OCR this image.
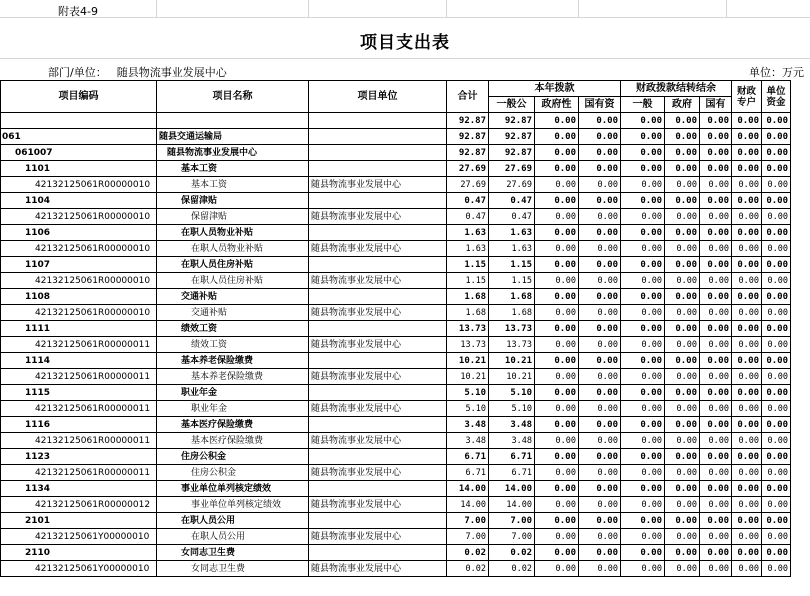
附表4-9
项目支出表
部门/单位： 随县物流事业发展中心	单位：万元
项目编码	项目名称	项目单位	合计	本年拨款			财政拨款结转结余			财政专户	单位资金
				一般公	政府性	国有资	一般	政府	国有		
			92.87	92.87	0.00	0.00	0.00	0.00	0.00	0.00	0.00
061	随县交通运输局		92.87	92.87	0.00	0.00	0.00	0.00	0.00	0.00	0.00
061007	随县物流事业发展中心		92.87	92.87	0.00	0.00	0.00	0.00	0.00	0.00	0.00
1101	基本工资		27.69	27.69	0.00	0.00	0.00	0.00	0.00	0.00	0.00
42132125061R00000010	基本工资	随县物流事业发展中心	27.69	27.69	0.00	0.00	0.00	0.00	0.00	0.00	0.00
1104	保留津贴		0.47	0.47	0.00	0.00	0.00	0.00	0.00	0.00	0.00
42132125061R00000010	保留津贴	随县物流事业发展中心	0.47	0.47	0.00	0.00	0.00	0.00	0.00	0.00	0.00
1106	在职人员物业补贴		1.63	1.63	0.00	0.00	0.00	0.00	0.00	0.00	0.00
42132125061R00000010	在职人员物业补贴	随县物流事业发展中心	1.63	1.63	0.00	0.00	0.00	0.00	0.00	0.00	0.00
1107	在职人员住房补贴		1.15	1.15	0.00	0.00	0.00	0.00	0.00	0.00	0.00
42132125061R00000010	在职人员住房补贴	随县物流事业发展中心	1.15	1.15	0.00	0.00	0.00	0.00	0.00	0.00	0.00
1108	交通补贴		1.68	1.68	0.00	0.00	0.00	0.00	0.00	0.00	0.00
42132125061R00000010	交通补贴	随县物流事业发展中心	1.68	1.68	0.00	0.00	0.00	0.00	0.00	0.00	0.00
1111	绩效工资		13.73	13.73	0.00	0.00	0.00	0.00	0.00	0.00	0.00
42132125061R00000011	绩效工资	随县物流事业发展中心	13.73	13.73	0.00	0.00	0.00	0.00	0.00	0.00	0.00
1114	基本养老保险缴费		10.21	10.21	0.00	0.00	0.00	0.00	0.00	0.00	0.00
42132125061R00000011	基本养老保险缴费	随县物流事业发展中心	10.21	10.21	0.00	0.00	0.00	0.00	0.00	0.00	0.00
1115	职业年金		5.10	5.10	0.00	0.00	0.00	0.00	0.00	0.00	0.00
42132125061R00000011	职业年金	随县物流事业发展中心	5.10	5.10	0.00	0.00	0.00	0.00	0.00	0.00	0.00
1116	基本医疗保险缴费		3.48	3.48	0.00	0.00	0.00	0.00	0.00	0.00	0.00
42132125061R00000011	基本医疗保险缴费	随县物流事业发展中心	3.48	3.48	0.00	0.00	0.00	0.00	0.00	0.00	0.00
1123	住房公积金		6.71	6.71	0.00	0.00	0.00	0.00	0.00	0.00	0.00
42132125061R00000011	住房公积金	随县物流事业发展中心	6.71	6.71	0.00	0.00	0.00	0.00	0.00	0.00	0.00
1134	事业单位单列核定绩效		14.00	14.00	0.00	0.00	0.00	0.00	0.00	0.00	0.00
42132125061R00000012	事业单位单列核定绩效	随县物流事业发展中心	14.00	14.00	0.00	0.00	0.00	0.00	0.00	0.00	0.00
2101	在职人员公用		7.00	7.00	0.00	0.00	0.00	0.00	0.00	0.00	0.00
42132125061Y00000010	在职人员公用	随县物流事业发展中心	7.00	7.00	0.00	0.00	0.00	0.00	0.00	0.00	0.00
2110	女同志卫生费		0.02	0.02	0.00	0.00	0.00	0.00	0.00	0.00	0.00
42132125061Y00000010	女同志卫生费	随县物流事业发展中心	0.02	0.02	0.00	0.00	0.00	0.00	0.00	0.00	0.00
